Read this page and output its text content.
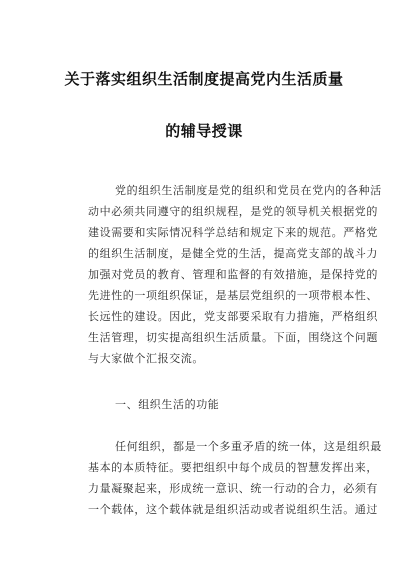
关于落实组织生活制度提高党内生活质量
的辅导授课
党的组织生活制度是党的组织和党员在党内的各种活
动中必须共同遵守的组织规程，是党的领导机关根据党的
建设需要和实际情况科学总结和规定下来的规范。严格党
的组织生活制度，是健全党的生活，提高党支部的战斗力
加强对党员的教育、管理和监督的有效措施，是保持党的
先进性的一项组织保证，是基层党组织的一项带根本性、
长远性的建设。因此，党支部要采取有力措施，严格组织
生活管理，切实提高组织生活质量。下面，围绕这个问题
与大家做个汇报交流。
一、组织生活的功能
任何组织，都是一个多重矛盾的统一体，这是组织最
基本的本质特征。要把组织中每个成员的智慧发挥出来，
力量凝聚起来，形成统一意识、统一行动的合力，必须有
一个载体，这个载体就是组织活动或者说组织生活。通过
